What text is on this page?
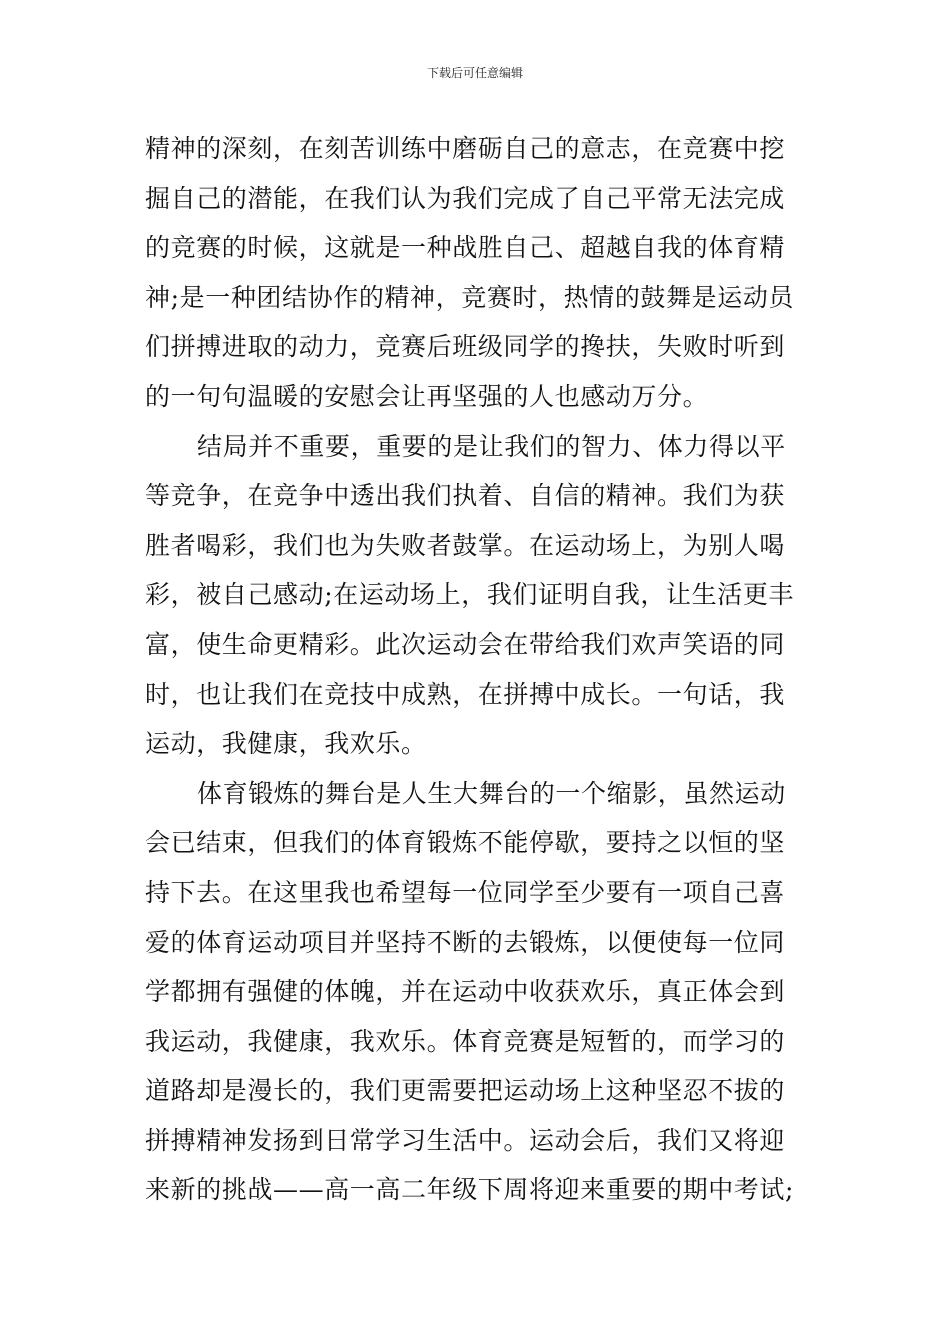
下载后可任意编辑

精神的深刻，在刻苦训练中磨砺自己的意志，在竞赛中挖
掘自己的潜能，在我们认为我们完成了自己平常无法完成
的竞赛的时候，这就是一种战胜自己、超越自我的体育精
神;是一种团结协作的精神，竞赛时，热情的鼓舞是运动员
们拼搏进取的动力，竞赛后班级同学的搀扶，失败时听到
的一句句温暖的安慰会让再坚强的人也感动万分。

结局并不重要，重要的是让我们的智力、体力得以平
等竞争，在竞争中透出我们执着、自信的精神。我们为获
胜者喝彩，我们也为失败者鼓掌。在运动场上，为别人喝
彩，被自己感动;在运动场上，我们证明自我，让生活更丰
富，使生命更精彩。此次运动会在带给我们欢声笑语的同
时，也让我们在竞技中成熟，在拼搏中成长。一句话，我
运动，我健康，我欢乐。

体育锻炼的舞台是人生大舞台的一个缩影，虽然运动
会已结束，但我们的体育锻炼不能停歇，要持之以恒的坚
持下去。在这里我也希望每一位同学至少要有一项自己喜
爱的体育运动项目并坚持不断的去锻炼，以便使每一位同
学都拥有强健的体魄，并在运动中收获欢乐，真正体会到
我运动，我健康，我欢乐。体育竞赛是短暂的，而学习的
道路却是漫长的，我们更需要把运动场上这种坚忍不拔的
拼搏精神发扬到日常学习生活中。运动会后，我们又将迎
来新的挑战——高一高二年级下周将迎来重要的期中考试;
